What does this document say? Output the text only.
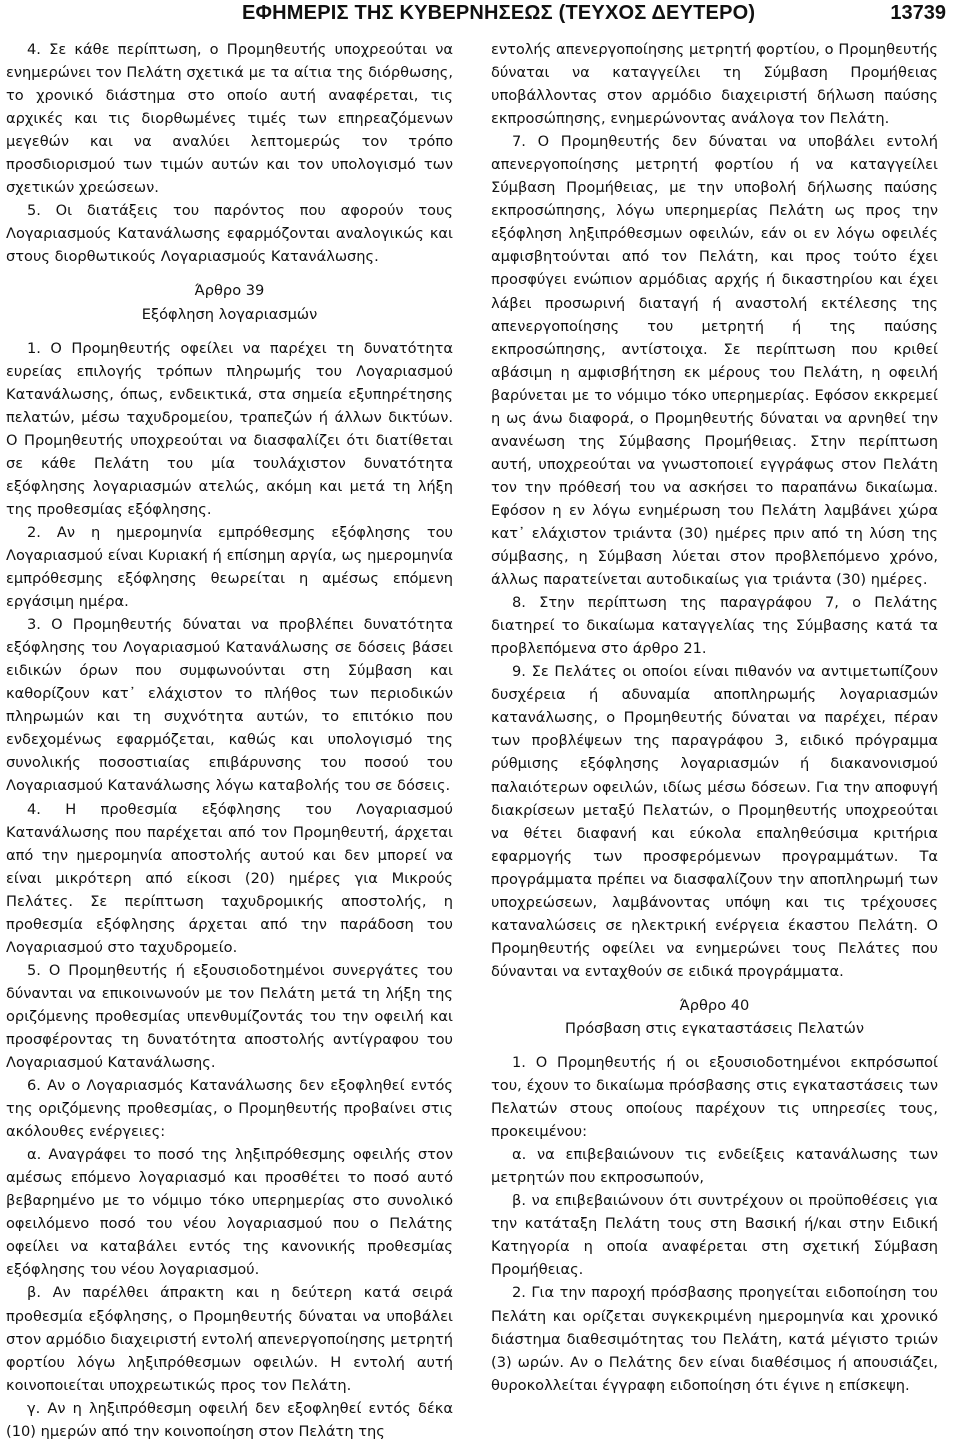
ΕΦΗΜΕΡΙΣ ΤΗΣ ΚΥΒΕΡΝΗΣΕΩΣ (ΤΕΥΧΟΣ ΔΕΥΤΕΡΟ)	13739

4. Σε κάθε περίπτωση, ο Προμηθευτής υποχρεούται να ενημερώνει τον Πελάτη σχετικά με τα αίτια της διόρθωσης, το χρονικό διάστημα στο οποίο αυτή αναφέρεται, τις αρχικές και τις διορθωμένες τιμές των επηρεαζόμενων μεγεθών και να αναλύει λεπτομερώς τον τρόπο προσδιορισμού των τιμών αυτών και τον υπολογισμό των σχετικών χρεώσεων.

5. Οι διατάξεις του παρόντος που αφορούν τους Λογαριασμούς Κατανάλωσης εφαρμόζονται αναλογικώς και στους διορθωτικούς Λογαριασμούς Κατανάλωσης.

Άρθρο 39

Εξόφληση λογαριασμών

1. Ο Προμηθευτής οφείλει να παρέχει τη δυνατότητα ευρείας επιλογής τρόπων πληρωμής του Λογαριασμού Κατανάλωσης, όπως, ενδεικτικά, στα σημεία εξυπηρέτησης πελατών, μέσω ταχυδρομείου, τραπεζών ή άλλων δικτύων. Ο Προμηθευτής υποχρεούται να διασφαλίζει ότι διατίθεται σε κάθε Πελάτη του μία τουλάχιστον δυνατότητα εξόφλησης λογαριασμών ατελώς, ακόμη και μετά τη λήξη της προθεσμίας εξόφλησης.

2. Αν η ημερομηνία εμπρόθεσμης εξόφλησης του Λογαριασμού είναι Κυριακή ή επίσημη αργία, ως ημερομηνία εμπρόθεσμης εξόφλησης θεωρείται η αμέσως επόμενη εργάσιμη ημέρα.

3. Ο Προμηθευτής δύναται να προβλέπει δυνατότητα εξόφλησης του Λογαριασμού Κατανάλωσης σε δόσεις βάσει ειδικών όρων που συμφωνούνται στη Σύμβαση και καθορίζουν κατ᾽ ελάχιστον το πλήθος των περιοδικών πληρωμών και τη συχνότητα αυτών, το επιτόκιο που ενδεχομένως εφαρμόζεται, καθώς και υπολογισμό της συνολικής ποσοστιαίας επιβάρυνσης του ποσού του Λογαριασμού Κατανάλωσης λόγω καταβολής του σε δόσεις.

4. Η προθεσμία εξόφλησης του Λογαριασμού Κατανάλωσης που παρέχεται από τον Προμηθευτή, άρχεται από την ημερομηνία αποστολής αυτού και δεν μπορεί να είναι μικρότερη από είκοσι (20) ημέρες για Μικρούς Πελάτες. Σε περίπτωση ταχυδρομικής αποστολής, η προθεσμία εξόφλησης άρχεται από την παράδοση του Λογαριασμού στο ταχυδρομείο.

5. Ο Προμηθευτής ή εξουσιοδοτημένοι συνεργάτες του δύνανται να επικοινωνούν με τον Πελάτη μετά τη λήξη της οριζόμενης προθεσμίας υπενθυμίζοντάς του την οφειλή και προσφέροντας τη δυνατότητα αποστολής αντίγραφου του Λογαριασμού Κατανάλωσης.

6. Αν ο Λογαριασμός Κατανάλωσης δεν εξοφληθεί εντός της οριζόμενης προθεσμίας, ο Προμηθευτής προβαίνει στις ακόλουθες ενέργειες:

α. Αναγράφει το ποσό της ληξιπρόθεσμης οφειλής στον αμέσως επόμενο λογαριασμό και προσθέτει το ποσό αυτό βεβαρημένο με το νόμιμο τόκο υπερημερίας στο συνολικό οφειλόμενο ποσό του νέου λογαριασμού που ο Πελάτης οφείλει να καταβάλει εντός της κανονικής προθεσμίας εξόφλησης του νέου λογαριασμού.

β. Αν παρέλθει άπρακτη και η δεύτερη κατά σειρά προθεσμία εξόφλησης, ο Προμηθευτής δύναται να υποβάλει στον αρμόδιο διαχειριστή εντολή απενεργοποίησης μετρητή φορτίου λόγω ληξιπρόθεσμων οφειλών. Η εντολή αυτή κοινοποιείται υποχρεωτικώς προς τον Πελάτη.

γ. Αν η ληξιπρόθεσμη οφειλή δεν εξοφληθεί εντός δέκα (10) ημερών από την κοινοποίηση στον Πελάτη της

εντολής απενεργοποίησης μετρητή φορτίου, ο Προμηθευτής δύναται να καταγγείλει τη Σύμβαση Προμήθειας υποβάλλοντας στον αρμόδιο διαχειριστή δήλωση παύσης εκπροσώπησης, ενημερώνοντας ανάλογα τον Πελάτη.

7. Ο Προμηθευτής δεν δύναται να υποβάλει εντολή απενεργοποίησης μετρητή φορτίου ή να καταγγείλει Σύμβαση Προμήθειας, με την υποβολή δήλωσης παύσης εκπροσώπησης, λόγω υπερημερίας Πελάτη ως προς την εξόφληση ληξιπρόθεσμων οφειλών, εάν οι εν λόγω οφειλές αμφισβητούνται από τον Πελάτη, και προς τούτο έχει προσφύγει ενώπιον αρμόδιας αρχής ή δικαστηρίου και έχει λάβει προσωρινή διαταγή ή αναστολή εκτέλεσης της απενεργοποίησης του μετρητή ή της παύσης εκπροσώπησης, αντίστοιχα. Σε περίπτωση που κριθεί αβάσιμη η αμφισβήτηση εκ μέρους του Πελάτη, η οφειλή βαρύνεται με το νόμιμο τόκο υπερημερίας. Εφόσον εκκρεμεί η ως άνω διαφορά, ο Προμηθευτής δύναται να αρνηθεί την ανανέωση της Σύμβασης Προμήθειας. Στην περίπτωση αυτή, υποχρεούται να γνωστοποιεί εγγράφως στον Πελάτη τον την πρόθεσή του να ασκήσει το παραπάνω δικαίωμα. Εφόσον η εν λόγω ενημέρωση του Πελάτη λαμβάνει χώρα κατ᾽ ελάχιστον τριάντα (30) ημέρες πριν από τη λύση της σύμβασης, η Σύμβαση λύεται στον προβλεπόμενο χρόνο, άλλως παρατείνεται αυτοδικαίως για τριάντα (30) ημέρες.

8. Στην περίπτωση της παραγράφου 7, ο Πελάτης διατηρεί το δικαίωμα καταγγελίας της Σύμβασης κατά τα προβλεπόμενα στο άρθρο 21.

9. Σε Πελάτες οι οποίοι είναι πιθανόν να αντιμετωπίζουν δυσχέρεια ή αδυναμία αποπληρωμής λογαριασμών κατανάλωσης, ο Προμηθευτής δύναται να παρέχει, πέραν των προβλέψεων της παραγράφου 3, ειδικό πρόγραμμα ρύθμισης εξόφλησης λογαριασμών ή διακανονισμού παλαιότερων οφειλών, ιδίως μέσω δόσεων. Για την αποφυγή διακρίσεων μεταξύ Πελατών, ο Προμηθευτής υποχρεούται να θέτει διαφανή και εύκολα επαληθεύσιμα κριτήρια εφαρμογής των προσφερόμενων προγραμμάτων. Τα προγράμματα πρέπει να διασφαλίζουν την αποπληρωμή των υποχρεώσεων, λαμβάνοντας υπόψη και τις τρέχουσες καταναλώσεις σε ηλεκτρική ενέργεια έκαστου Πελάτη. Ο Προμηθευτής οφείλει να ενημερώνει τους Πελάτες που δύνανται να ενταχθούν σε ειδικά προγράμματα.

Άρθρο 40

Πρόσβαση στις εγκαταστάσεις Πελατών

1. Ο Προμηθευτής ή οι εξουσιοδοτημένοι εκπρόσωποί του, έχουν το δικαίωμα πρόσβασης στις εγκαταστάσεις των Πελατών στους οποίους παρέχουν τις υπηρεσίες τους, προκειμένου:

α. να επιβεβαιώνουν τις ενδείξεις κατανάλωσης των μετρητών που εκπροσωπούν,

β. να επιβεβαιώνουν ότι συντρέχουν οι προϋποθέσεις για την κατάταξη Πελάτη τους στη Βασική ή/και στην Ειδική Κατηγορία η οποία αναφέρεται στη σχετική Σύμβαση Προμήθειας.

2. Για την παροχή πρόσβασης προηγείται ειδοποίηση του Πελάτη και ορίζεται συγκεκριμένη ημερομηνία και χρονικό διάστημα διαθεσιμότητας του Πελάτη, κατά μέγιστο τριών (3) ωρών. Αν ο Πελάτης δεν είναι διαθέσιμος ή απουσιάζει, θυροκολλείται έγγραφη ειδοποίηση ότι έγινε η επίσκεψη.
